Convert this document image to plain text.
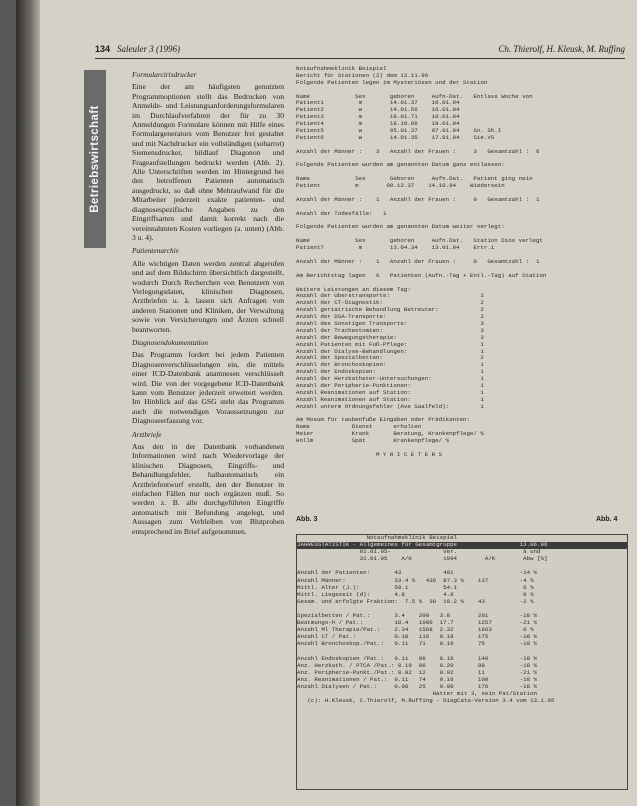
134 Saleuler 3 (1996)	Ch. Thierolf, H. Kleusk, M. Ruffing
Betriebswirtschaft
Formularcirisdrucker

Eine der am häufigsten genutzten Programmoptionen stellt das Bedrucken von Anmelde- und Leistungsanforderungsformularen im Durchlaufverfahren der für zu 30 Anmeldungen Formulare können mit Hilfe eines Formulargenerators vom Benutzer frei gestaltet und mit Nachdrucker ein vollständigen (sobarrot) Siemensdrucker, bildlauf Diagonon und Frageaufstellungen bedruckt werden (Abb. 2). Alle Unterschriften werden im Hintergrund bei den betroffenen Patienten automatisch ausgedruckt, so daß ohne Mehraufwand für die Mitarbeiter jederzeit exakte patienten- und diagnosespezifische Angaben zu den Eingriffsarten und damit korrekt nach die vereinnahmten Kosten vorliegen (a. unten) (Abb. 3 u. 4).

Patientenarchiv

Alle wichtigen Daten werden zentral abgerufen und auf dem Bildschirm übersichtlich dargestellt, wodurch Durch Recherchen von Benutzern von Verlegungsdaten, klinischen Diagnosen, Arztbriefen u. ä. lassen sich Anfragen von anderen Stationen und Kliniken, der Verwaltung sowie von Versicherungen und Ärzten schnell beantworten.

Diagnosendokumentation

Das Programm fordert bei jedem Patienten Diagnosenverschlüsselungen ein, die mittels einer ICD-Datenbank anamnesen verschlüsselt wird. Die von der vorgegebene ICD-Datenbank kann vom Benutzer jederzeit erweitert werden. Im Hinblick auf das GSG steht das Programm auch die notwendigen Voraussetzungen zur Diagnoseerfassung vor.

Arztbriefe

Aus den in der Datenbank vorhandenen Informationen wird nach Wiedervorlage der klinischen Diagnosen, Eingriffs- und Behandlungsfehler, halbautomatisch ein Arztbriefentwurf erstellt, den der Benutzer in einfachen Fällen nur noch ergänzen muß. So werden z. B. alle durchgeführten Eingriffe automatisch mit Befundung angelegt, und Aussagen zum Verbleiben von Blutproben entsprechend im Brief aufgenommen.

Notaufnahmeklinik Beispiel
Bericht für Stationen (2) dem 13.11.96
Folgende Patienten legen im Mysteriösen und der Station
Name             Sex       geboren     Aufn-Dat.   Entlass Woche von
Patient1          m        14.01.37    16.01.94
Patient2          w        14.01.56    16.01.94
Patient3          m        18.01.71    10.01.94
Patient4          m        18.10.96    18.01.94
Patient5          w        05.01.37    07.01.94    Sn. Sh.I
Patient6          w        14.01.35    17.01.94    Sie.VS
Anzahl der Männer :    3   Anzahl der Frauen :     3   Gesamtzahl :  6
Folgende Patienten wurden am genannten Datum ganz entlassen:
Name             Sex       Geboren     Aufn.Dat.   Patient ging nein
Patient          m        09.12.37    14.10.94    Wiedersein
Anzahl der Männer :    1   Anzahl der Frauen :     0   Gesamtzahl :  1
Anzahl der Todesfälle:   1
Folgende Patienten wurden am genannten Datum weiter verlegt:
Name             Sex       geboren     Aufn.Dat.   Station Dios verlegt
Patient7          m        13.04.34    13.01.94    Ertr.1
Anzahl der Männer :    1   Anzahl der Frauen :     0   Gesamtzahl :  1
Am Berichtstag lagen   6   Patienten (Aufn.-Tag + Entl.-Tag) auf Station
Weitere Leistungen an diesem Tag:
Anzahl der Überstransporte:                          1
Anzahl der CT-Diagnostik:                            2
Anzahl geriatrische Behandlung Betreuter:            2
Anzahl der DSA-Transporte:                           2
Anzahl des Sonstigen Transporte:                     3
Anzahl der Tracheotomien:                            3
Anzahl der Bewegungstherapie:                        3
Anzahl Patienten mit Fuß-Pflege:                     1
Anzahl der Dialyse-Behandlungen:                     1
Anzahl der Spezialbetten:                            2
Anzahl der Bronchoskopien:                           1
Anzahl der Endoskopien:                              1
Anzahl der Herzkatheter-Untersuchungen:              1
Anzahl der Peripherie-Punktionen:                    1
Anzahl Reanimationen auf Station:                    1
Anzahl Reanimationen auf Station:                    1
Anzahl unterm Ordnungsfehler (Ave Saalfeld):         1
Am Mosum für taubenfuße Eingaben oder Prädikanten:
Name            Dienst      erhalten
Meier           Krank       Beratung, Krankenpflege/ %
Hollm           Spät        Krankenpflege/ %
M Y R I C E T E R S
Abb. 3	Abb. 4
Notaufnahmeklinik Beispiel
JAHRESSTATISTIK - Allgemeines für Gesamtgruppe                  13.06.96
01.01.95-               Ver.                   à und
31.01.95    A/K         1994        A/K        Abw [%]
Anzahl der Patienten:       43            491                   -14 %
Anzahl Männer:              33.4 %   436  87.3 %    137         -4 %
Mittl. Alter (J.):          59.1          54.1                   6 %
Mittl. Liegezeit (d):       4.8           4.8                    0 %
Gesam. und erfolgte Fraktion:  7.5 %  38  10.2 %    43          -2 %
Spezialbetten / Pat.:       3.4    200   3.8        201         -18 %
Beatmungs-h / Pat.:         18.4   1000  17.7       1257        -21 %
Anzahl Ml Therapie/Pat.:    2.34   1568  2.32       1663         0 %
Anzahl CT / Pat.:           0.18   116   0.18       175         -18 %
Anzahl Bronchoskop./Pat.:   0.11   71    0.16       75          -18 %
Anzahl Endoskopien /Pat.:   0.11   96    0.16       140         -18 %
Anz. Herzkath. / PTCA /Pat.: 0.19  96    0.20       98          -18 %
Anz. Peripherie-Punkt./Pat.: 0.02  12    0.02       11          -21 %
Anz. Reanimationen / Pat.:  0.11   74    0.16       100         -18 %
Anzahl Dialysen / Pat.:     0.08   25    0.08       176         -18 %
Hatter mit 3, sein Pat/Station
(c): H.Kleusk, C.Thierolf, M.Ruffing - DiagCata-Version 3.4 vom 13.1.95
